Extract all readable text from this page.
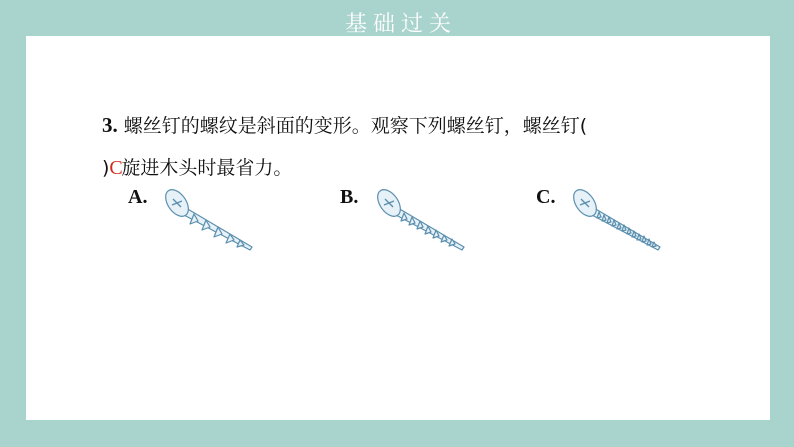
基础过关
3. 螺丝钉的螺纹是斜面的变形。观察下列螺丝钉，螺丝钉(
)C旋进木头时最省力。
A.	B.	C.
